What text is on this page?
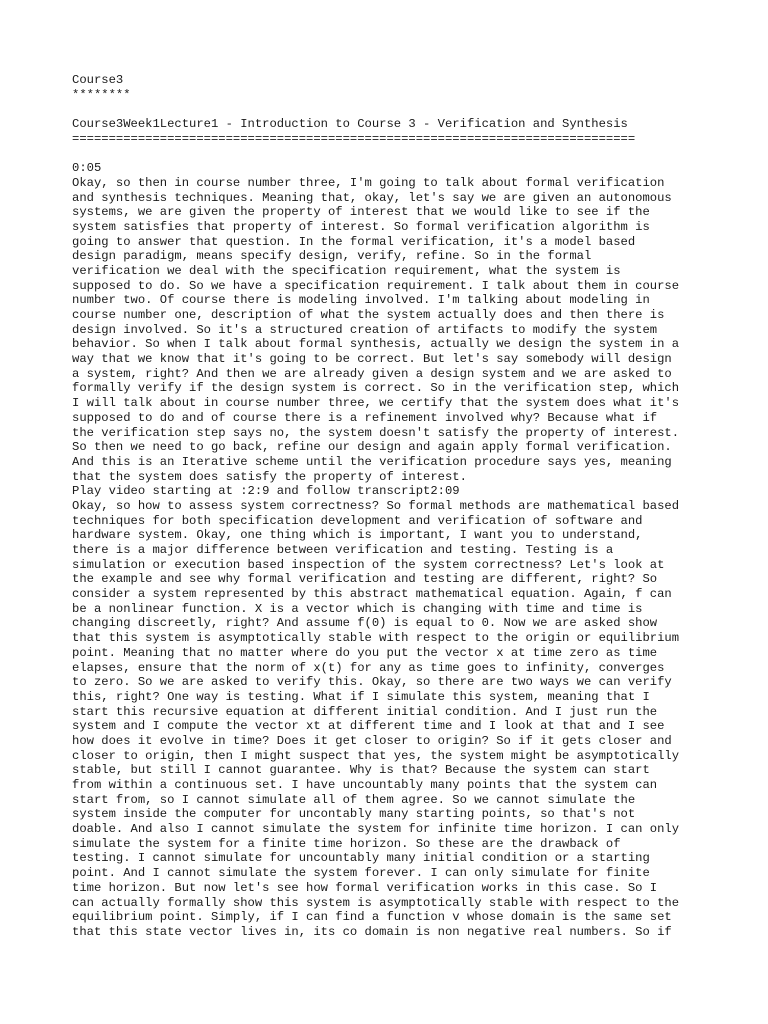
Course3
********
Course3Week1Lecture1 - Introduction to Course 3 - Verification and Synthesis
=============================================================================
0:05
Okay, so then in course number three, I'm going to talk about formal verification
and synthesis techniques. Meaning that, okay, let's say we are given an autonomous
systems, we are given the property of interest that we would like to see if the
system satisfies that property of interest. So formal verification algorithm is
going to answer that question. In the formal verification, it's a model based
design paradigm, means specify design, verify, refine. So in the formal
verification we deal with the specification requirement, what the system is
supposed to do. So we have a specification requirement. I talk about them in course
number two. Of course there is modeling involved. I'm talking about modeling in
course number one, description of what the system actually does and then there is
design involved. So it's a structured creation of artifacts to modify the system
behavior. So when I talk about formal synthesis, actually we design the system in a
way that we know that it's going to be correct. But let's say somebody will design
a system, right? And then we are already given a design system and we are asked to
formally verify if the design system is correct. So in the verification step, which
I will talk about in course number three, we certify that the system does what it's
supposed to do and of course there is a refinement involved why? Because what if
the verification step says no, the system doesn't satisfy the property of interest.
So then we need to go back, refine our design and again apply formal verification.
And this is an Iterative scheme until the verification procedure says yes, meaning
that the system does satisfy the property of interest.
Play video starting at :2:9 and follow transcript2:09
Okay, so how to assess system correctness? So formal methods are mathematical based
techniques for both specification development and verification of software and
hardware system. Okay, one thing which is important, I want you to understand,
there is a major difference between verification and testing. Testing is a
simulation or execution based inspection of the system correctness? Let's look at
the example and see why formal verification and testing are different, right? So
consider a system represented by this abstract mathematical equation. Again, f can
be a nonlinear function. X is a vector which is changing with time and time is
changing discreetly, right? And assume f(0) is equal to 0. Now we are asked show
that this system is asymptotically stable with respect to the origin or equilibrium
point. Meaning that no matter where do you put the vector x at time zero as time
elapses, ensure that the norm of x(t) for any as time goes to infinity, converges
to zero. So we are asked to verify this. Okay, so there are two ways we can verify
this, right? One way is testing. What if I simulate this system, meaning that I
start this recursive equation at different initial condition. And I just run the
system and I compute the vector xt at different time and I look at that and I see
how does it evolve in time? Does it get closer to origin? So if it gets closer and
closer to origin, then I might suspect that yes, the system might be asymptotically
stable, but still I cannot guarantee. Why is that? Because the system can start
from within a continuous set. I have uncountably many points that the system can
start from, so I cannot simulate all of them agree. So we cannot simulate the
system inside the computer for uncontably many starting points, so that's not
doable. And also I cannot simulate the system for infinite time horizon. I can only
simulate the system for a finite time horizon. So these are the drawback of
testing. I cannot simulate for uncountably many initial condition or a starting
point. And I cannot simulate the system forever. I can only simulate for finite
time horizon. But now let's see how formal verification works in this case. So I
can actually formally show this system is asymptotically stable with respect to the
equilibrium point. Simply, if I can find a function v whose domain is the same set
that this state vector lives in, its co domain is non negative real numbers. So if
